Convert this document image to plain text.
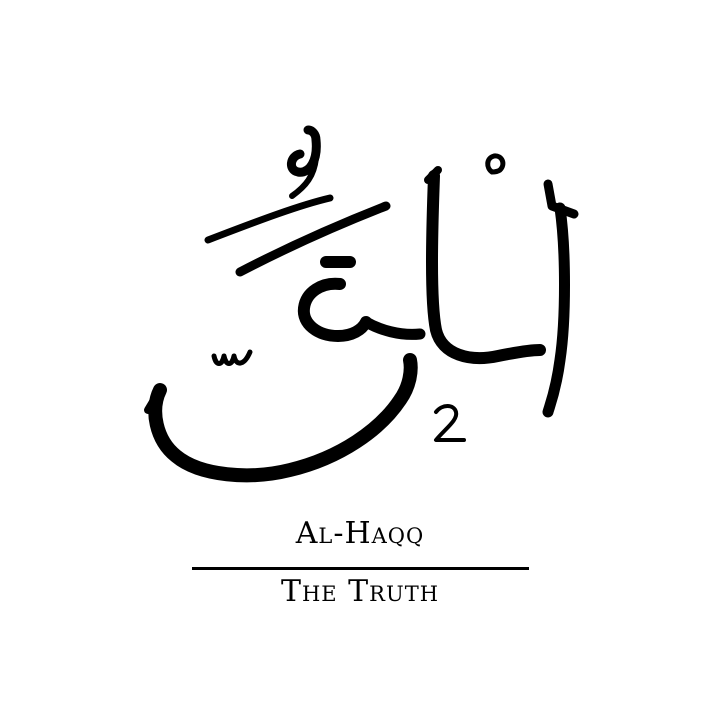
Al-Haqq
The Truth
